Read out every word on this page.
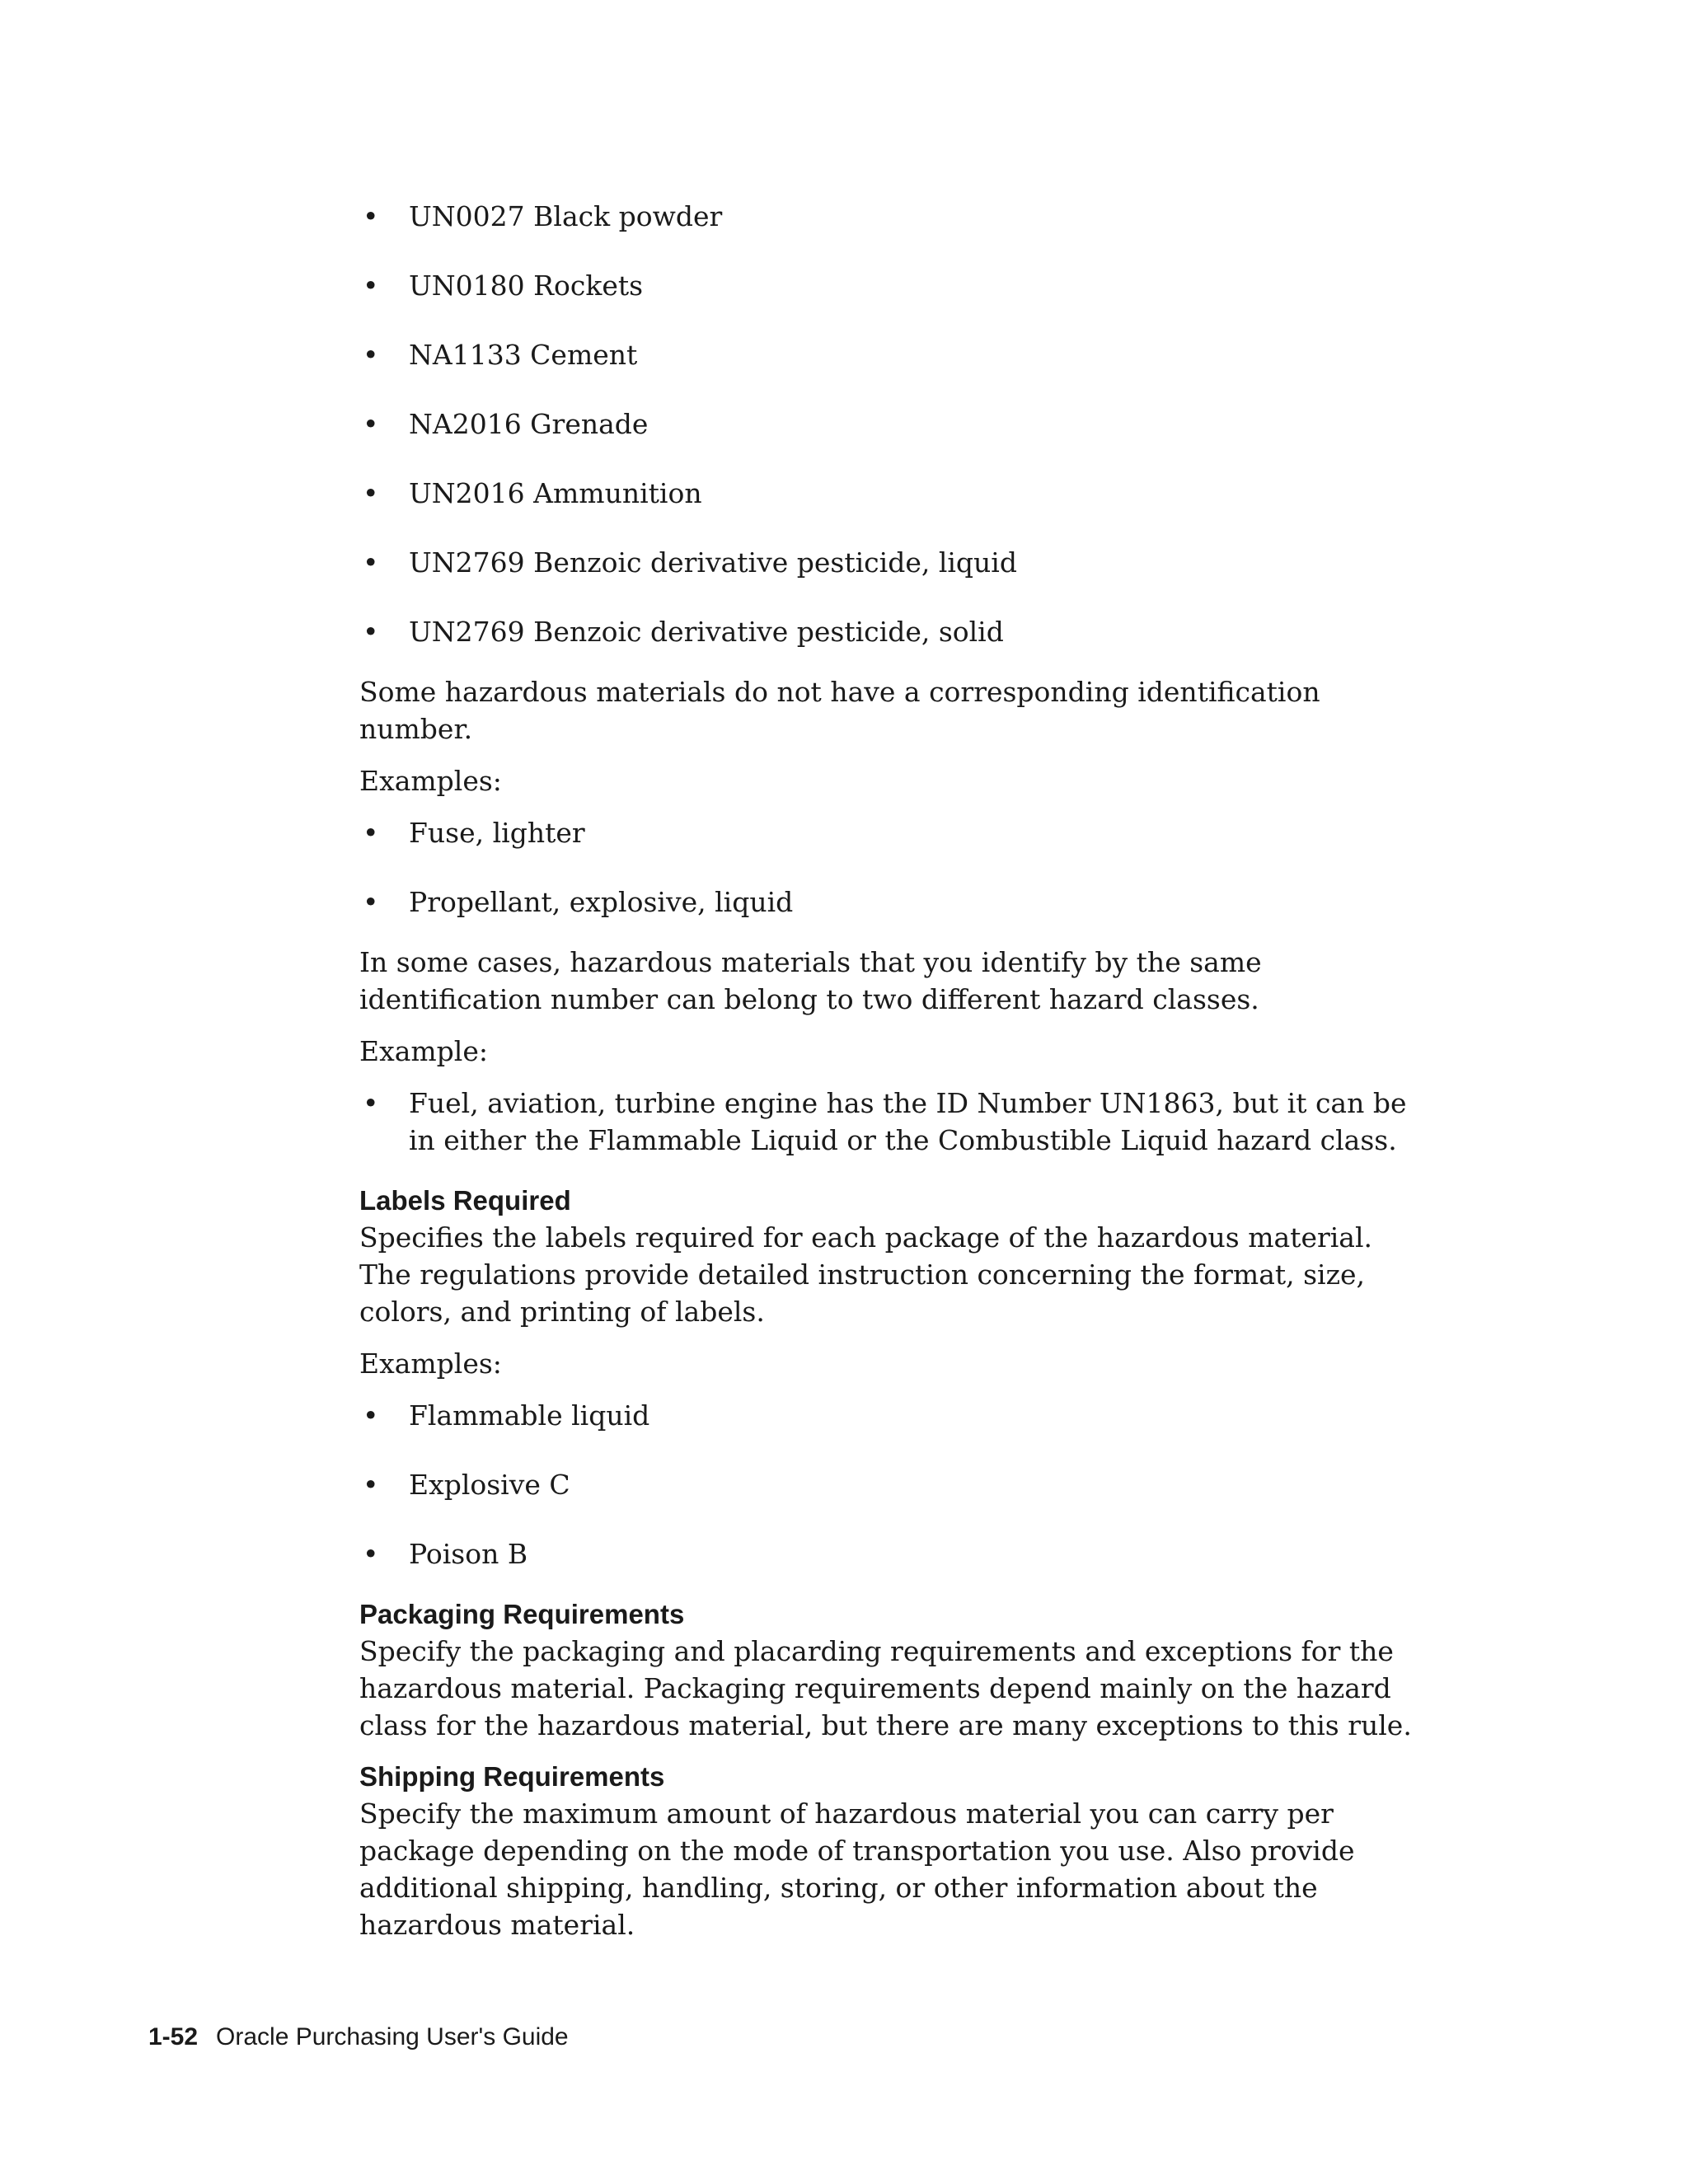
•	UN0027 Black powder
•	UN0180 Rockets
•	NA1133 Cement
•	NA2016 Grenade
•	UN2016 Ammunition
•	UN2769 Benzoic derivative pesticide, liquid
•	UN2769 Benzoic derivative pesticide, solid

Some hazardous materials do not have a corresponding identification number.

Examples:

•	Fuse, lighter
•	Propellant, explosive, liquid

In some cases, hazardous materials that you identify by the same identification number can belong to two different hazard classes.

Example:

•	Fuel, aviation, turbine engine has the ID Number UN1863, but it can be in either the Flammable Liquid or the Combustible Liquid hazard class.
Labels Required

Specifies the labels required for each package of the hazardous material. The regulations provide detailed instruction concerning the format, size, colors, and printing of labels.

Examples:

•	Flammable liquid
•	Explosive C
•	Poison B
Packaging Requirements

Specify the packaging and placarding requirements and exceptions for the hazardous material. Packaging requirements depend mainly on the hazard class for the hazardous material, but there are many exceptions to this rule.

Shipping Requirements

Specify the maximum amount of hazardous material you can carry per package depending on the mode of transportation you use. Also provide additional shipping, handling, storing, or other information about the hazardous material.

1-52 Oracle Purchasing User's Guide
